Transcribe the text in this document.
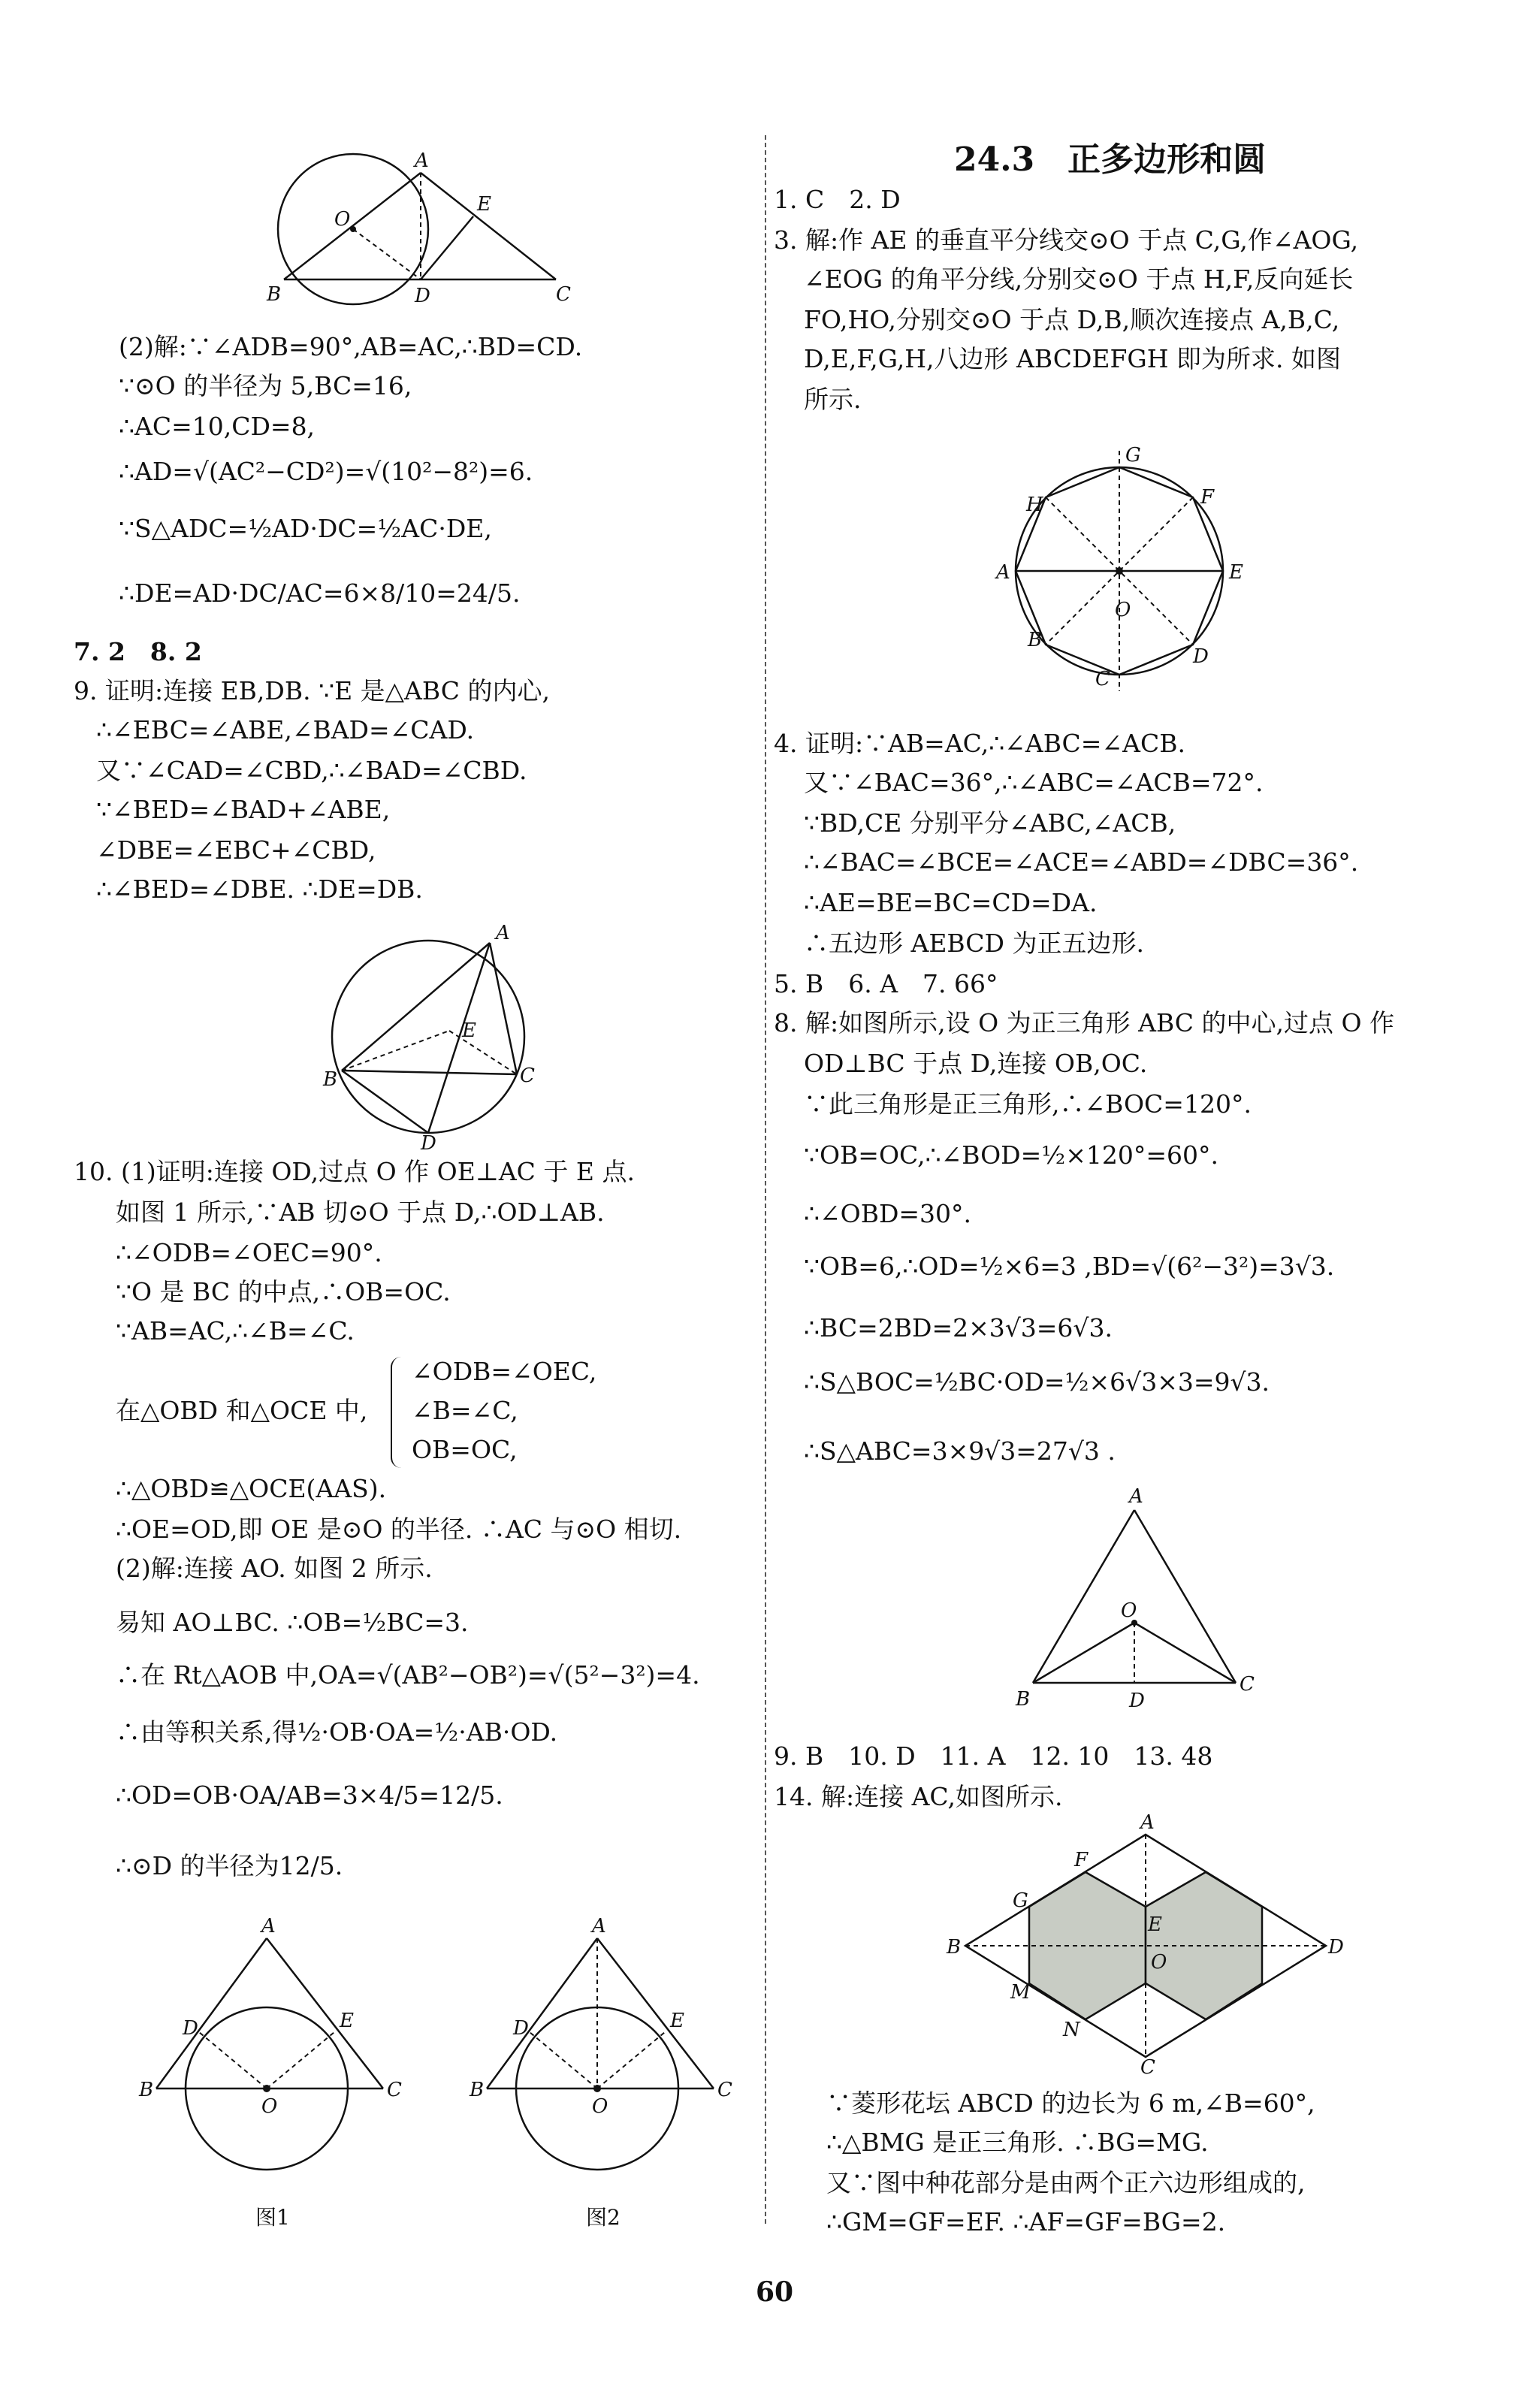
A
O
E
B	D	C
(2)解:∵∠ADB=90°,AB=AC,∴BD=CD.
∵⊙O 的半径为 5,BC=16,
∴AC=10,CD=8,
∴AD=√(AC²−CD²)=√(10²−8²)=6.
∵S△ADC=½AD·DC=½AC·DE,
∴DE=AD·DC/AC=6×8/10=24/5.
7. 2　8. 2
9. 证明:连接 EB,DB. ∵E 是△ABC 的内心,
∴∠EBC=∠ABE,∠BAD=∠CAD.
又∵∠CAD=∠CBD,∴∠BAD=∠CBD.
∵∠BED=∠BAD+∠ABE,
∠DBE=∠EBC+∠CBD,
∴∠BED=∠DBE. ∴DE=DB.
A
E
B	C
D
10. (1)证明:连接 OD,过点 O 作 OE⊥AC 于 E 点.
如图 1 所示,∵AB 切⊙O 于点 D,∴OD⊥AB.
∴∠ODB=∠OEC=90°.
∵O 是 BC 的中点,∴OB=OC.
∵AB=AC,∴∠B=∠C.
在△OBD 和△OCE 中,
∠ODB=∠OEC,
∠B=∠C,
OB=OC,
∴△OBD≌△OCE(AAS).
∴OE=OD,即 OE 是⊙O 的半径. ∴AC 与⊙O 相切.
(2)解:连接 AO. 如图 2 所示.
易知 AO⊥BC. ∴OB=½BC=3.
∴在 Rt△AOB 中,OA=√(AB²−OB²)=√(5²−3²)=4.
∴由等积关系,得½·OB·OA=½·AB·OD.
∴OD=OB·OA/AB=3×4/5=12/5.
∴⊙D 的半径为12/5.
A
D	E
B
O
C
图1
A
D	E
B
O
C
图2
24.3　正多边形和圆
1. C　2. D
3. 解:作 AE 的垂直平分线交⊙O 于点 C,G,作∠AOG,
∠EOG 的角平分线,分别交⊙O 于点 H,F,反向延长
FO,HO,分别交⊙O 于点 D,B,顺次连接点 A,B,C,
D,E,F,G,H,八边形 ABCDEFGH 即为所求. 如图
所示.
G
H	F
A	E
O
B
D
C
4. 证明:∵AB=AC,∴∠ABC=∠ACB.
又∵∠BAC=36°,∴∠ABC=∠ACB=72°.
∵BD,CE 分别平分∠ABC,∠ACB,
∴∠BAC=∠BCE=∠ACE=∠ABD=∠DBC=36°.
∴AE=BE=BC=CD=DA.
∴五边形 AEBCD 为正五边形.
5. B　6. A　7. 66°
8. 解:如图所示,设 O 为正三角形 ABC 的中心,过点 O 作
OD⊥BC 于点 D,连接 OB,OC.
∵此三角形是正三角形,∴∠BOC=120°.
∵OB=OC,∴∠BOD=½×120°=60°.
∴∠OBD=30°.
∵OB=6,∴OD=½×6=3 ,BD=√(6²−3²)=3√3.
∴BC=2BD=2×3√3=6√3.
∴S△BOC=½BC·OD=½×6√3×3=9√3.
∴S△ABC=3×9√3=27√3 .
A
O
B	D
C
9. B　10. D　11. A　12. 10　13. 48
14. 解:连接 AC,如图所示.
A
F
G
E
B
O
D
M
N
C
∵菱形花坛 ABCD 的边长为 6 m,∠B=60°,
∴△BMG 是正三角形. ∴BG=MG.
又∵图中种花部分是由两个正六边形组成的,
∴GM=GF=EF. ∴AF=GF=BG=2.
60
